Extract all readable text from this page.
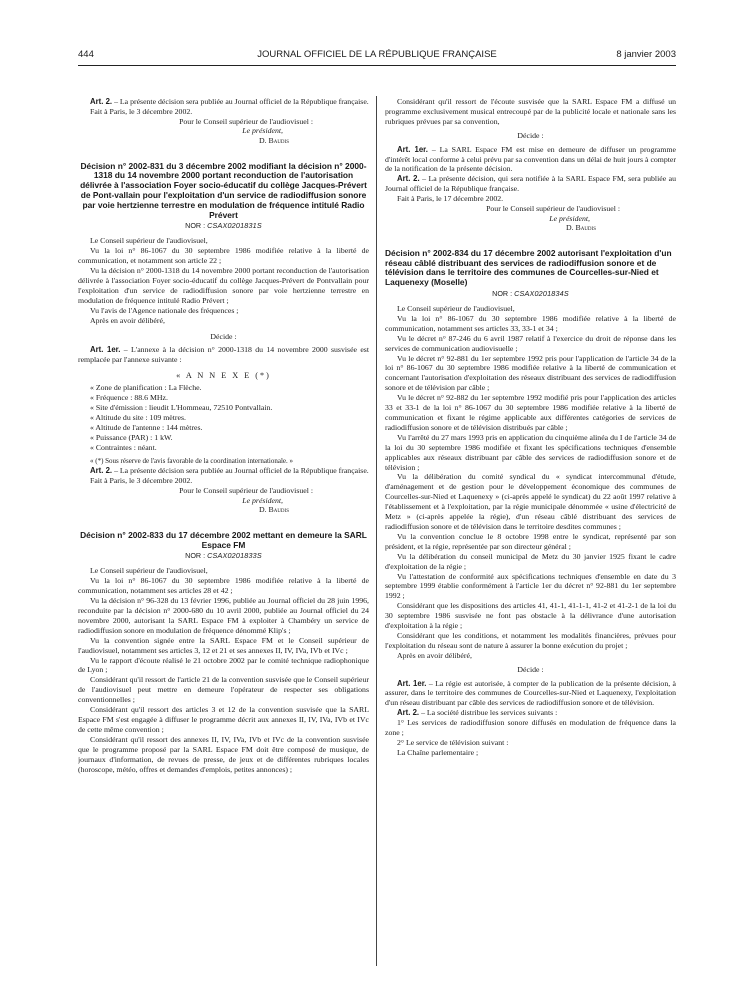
444	JOURNAL OFFICIEL DE LA RÉPUBLIQUE FRANÇAISE	8 janvier 2003

Art. 2. – La présente décision sera publiée au Journal officiel de la République française.

Fait à Paris, le 3 décembre 2002.

Pour le Conseil supérieur de l'audiovisuel :

Le président,

D. Baudis

Décision n° 2002-831 du 3 décembre 2002 modifiant la décision n° 2000-1318 du 14 novembre 2000 portant reconduction de l'autorisation délivrée à l'association Foyer socio-éducatif du collège Jacques-Prévert de Pont-vallain pour l'exploitation d'un service de radiodiffusion sonore par voie hertzienne terrestre en modulation de fréquence intitulé Radio Prévert

NOR : CSAX0201831S

Le Conseil supérieur de l'audiovisuel,

Vu la loi n° 86-1067 du 30 septembre 1986 modifiée relative à la liberté de communication, et notamment son article 22 ;

Vu la décision n° 2000-1318 du 14 novembre 2000 portant reconduction de l'autorisation délivrée à l'association Foyer socio-éducatif du collège Jacques-Prévert de Pontvallain pour l'exploitation d'un service de radiodiffusion sonore par voie hertzienne terrestre en modulation de fréquence intitulé Radio Prévert ;

Vu l'avis de l'Agence nationale des fréquences ;

Après en avoir délibéré,

Décide :

Art. 1er. – L'annexe à la décision n° 2000-1318 du 14 novembre 2000 susvisée est remplacée par l'annexe suivante :

« A N N E X E (*)

« Zone de planification : La Flèche.

« Fréquence : 88.6 MHz.

« Site d'émission : lieudit L'Hommeau, 72510 Pontvallain.

« Altitude du site : 109 mètres.

« Altitude de l'antenne : 144 mètres.

« Puissance (PAR) : 1 kW.

« Contraintes : néant.

« (*) Sous réserve de l'avis favorable de la coordination internationale. »

Art. 2. – La présente décision sera publiée au Journal officiel de la République française.

Fait à Paris, le 3 décembre 2002.

Pour le Conseil supérieur de l'audiovisuel :

Le président,

D. Baudis

Décision n° 2002-833 du 17 décembre 2002 mettant en demeure la SARL Espace FM

NOR : CSAX0201833S

Le Conseil supérieur de l'audiovisuel,

Vu la loi n° 86-1067 du 30 septembre 1986 modifiée relative à la liberté de communication, notamment ses articles 28 et 42 ;

Vu la décision n° 96-328 du 13 février 1996, publiée au Journal officiel du 28 juin 1996, reconduite par la décision n° 2000-680 du 10 avril 2000, publiée au Journal officiel du 24 novembre 2000, autorisant la SARL Espace FM à exploiter à Chambéry un service de radiodiffusion sonore en modulation de fréquence dénommé Klip's ;

Vu la convention signée entre la SARL Espace FM et le Conseil supérieur de l'audiovisuel, notamment ses articles 3, 12 et 21 et ses annexes II, IV, IVa, IVb et IVc ;

Vu le rapport d'écoute réalisé le 21 octobre 2002 par le comité technique radiophonique de Lyon ;

Considérant qu'il ressort de l'article 21 de la convention susvisée que le Conseil supérieur de l'audiovisuel peut mettre en demeure l'opérateur de respecter ses obligations conventionnelles ;

Considérant qu'il ressort des articles 3 et 12 de la convention susvisée que la SARL Espace FM s'est engagée à diffuser le programme décrit aux annexes II, IV, IVa, IVb et IVc de cette même convention ;

Considérant qu'il ressort des annexes II, IV, IVa, IVb et IVc de la convention susvisée que le programme proposé par la SARL Espace FM doit être composé de musique, de journaux d'information, de revues de presse, de jeux et de différentes rubriques locales (horoscope, météo, offres et demandes d'emplois, petites annonces) ;

Considérant qu'il ressort de l'écoute susvisée que la SARL Espace FM a diffusé un programme exclusivement musical entrecoupé par de la publicité locale et nationale sans les rubriques prévues par sa convention,

Décide :

Art. 1er. – La SARL Espace FM est mise en demeure de diffuser un programme d'intérêt local conforme à celui prévu par sa convention dans un délai de huit jours à compter de la notification de la présente décision.

Art. 2. – La présente décision, qui sera notifiée à la SARL Espace FM, sera publiée au Journal officiel de la République française.

Fait à Paris, le 17 décembre 2002.

Pour le Conseil supérieur de l'audiovisuel :

Le président,

D. Baudis

Décision n° 2002-834 du 17 décembre 2002 autorisant l'exploitation d'un réseau câblé distribuant des services de radiodiffusion sonore et de télévision dans le territoire des communes de Courcelles-sur-Nied et Laquenexy (Moselle)

NOR : CSAX0201834S

Le Conseil supérieur de l'audiovisuel,

Vu la loi n° 86-1067 du 30 septembre 1986 modifiée relative à la liberté de communication, notamment ses articles 33, 33-1 et 34 ;

Vu le décret n° 87-246 du 6 avril 1987 relatif à l'exercice du droit de réponse dans les services de communication audiovisuelle ;

Vu le décret n° 92-881 du 1er septembre 1992 pris pour l'application de l'article 34 de la loi n° 86-1067 du 30 septembre 1986 modifiée relative à la liberté de communication et concernant l'autorisation d'exploitation des réseaux distribuant des services de radiodiffusion sonore et de télévision par câble ;

Vu le décret n° 92-882 du 1er septembre 1992 modifié pris pour l'application des articles 33 et 33-1 de la loi n° 86-1067 du 30 septembre 1986 modifiée relative à la liberté de communication et fixant le régime applicable aux différentes catégories de services de radiodiffusion sonore et de télévision distribués par câble ;

Vu l'arrêté du 27 mars 1993 pris en application du cinquième alinéa du I de l'article 34 de la loi du 30 septembre 1986 modifiée et fixant les spécifications techniques d'ensemble applicables aux réseaux distribuant par câble des services de radiodiffusion sonore et de télévision ;

Vu la délibération du comité syndical du « syndicat intercommunal d'étude, d'aménagement et de gestion pour le développement économique des communes de Courcelles-sur-Nied et Laquenexy » (ci-après appelé le syndicat) du 22 août 1997 relative à l'établissement et à l'exploitation, par la régie municipale dénommée « usine d'électricité de Metz » (ci-après appelée la régie), d'un réseau câblé distribuant des services de radiodiffusion sonore et de télévision dans le territoire desdites communes ;

Vu la convention conclue le 8 octobre 1998 entre le syndicat, représenté par son président, et la régie, représentée par son directeur général ;

Vu la délibération du conseil municipal de Metz du 30 janvier 1925 fixant le cadre d'exploitation de la régie ;

Vu l'attestation de conformité aux spécifications techniques d'ensemble en date du 3 septembre 1999 établie conformément à l'article 1er du décret n° 92-881 du 1er septembre 1992 ;

Considérant que les dispositions des articles 41, 41-1, 41-1-1, 41-2 et 41-2-1 de la loi du 30 septembre 1986 susvisée ne font pas obstacle à la délivrance d'une autorisation d'exploitation à la régie ;

Considérant que les conditions, et notamment les modalités financières, prévues pour l'exploitation du réseau sont de nature à assurer la bonne exécution du projet ;

Après en avoir délibéré,

Décide :

Art. 1er. – La régie est autorisée, à compter de la publication de la présente décision, à assurer, dans le territoire des communes de Courcelles-sur-Nied et Laquenexy, l'exploitation d'un réseau distribuant par câble des services de radiodiffusion sonore et de télévision.

Art. 2. – La société distribue les services suivants :

1° Les services de radiodiffusion sonore diffusés en modulation de fréquence dans la zone ;

2° Le service de télévision suivant :

La Chaîne parlementaire ;
